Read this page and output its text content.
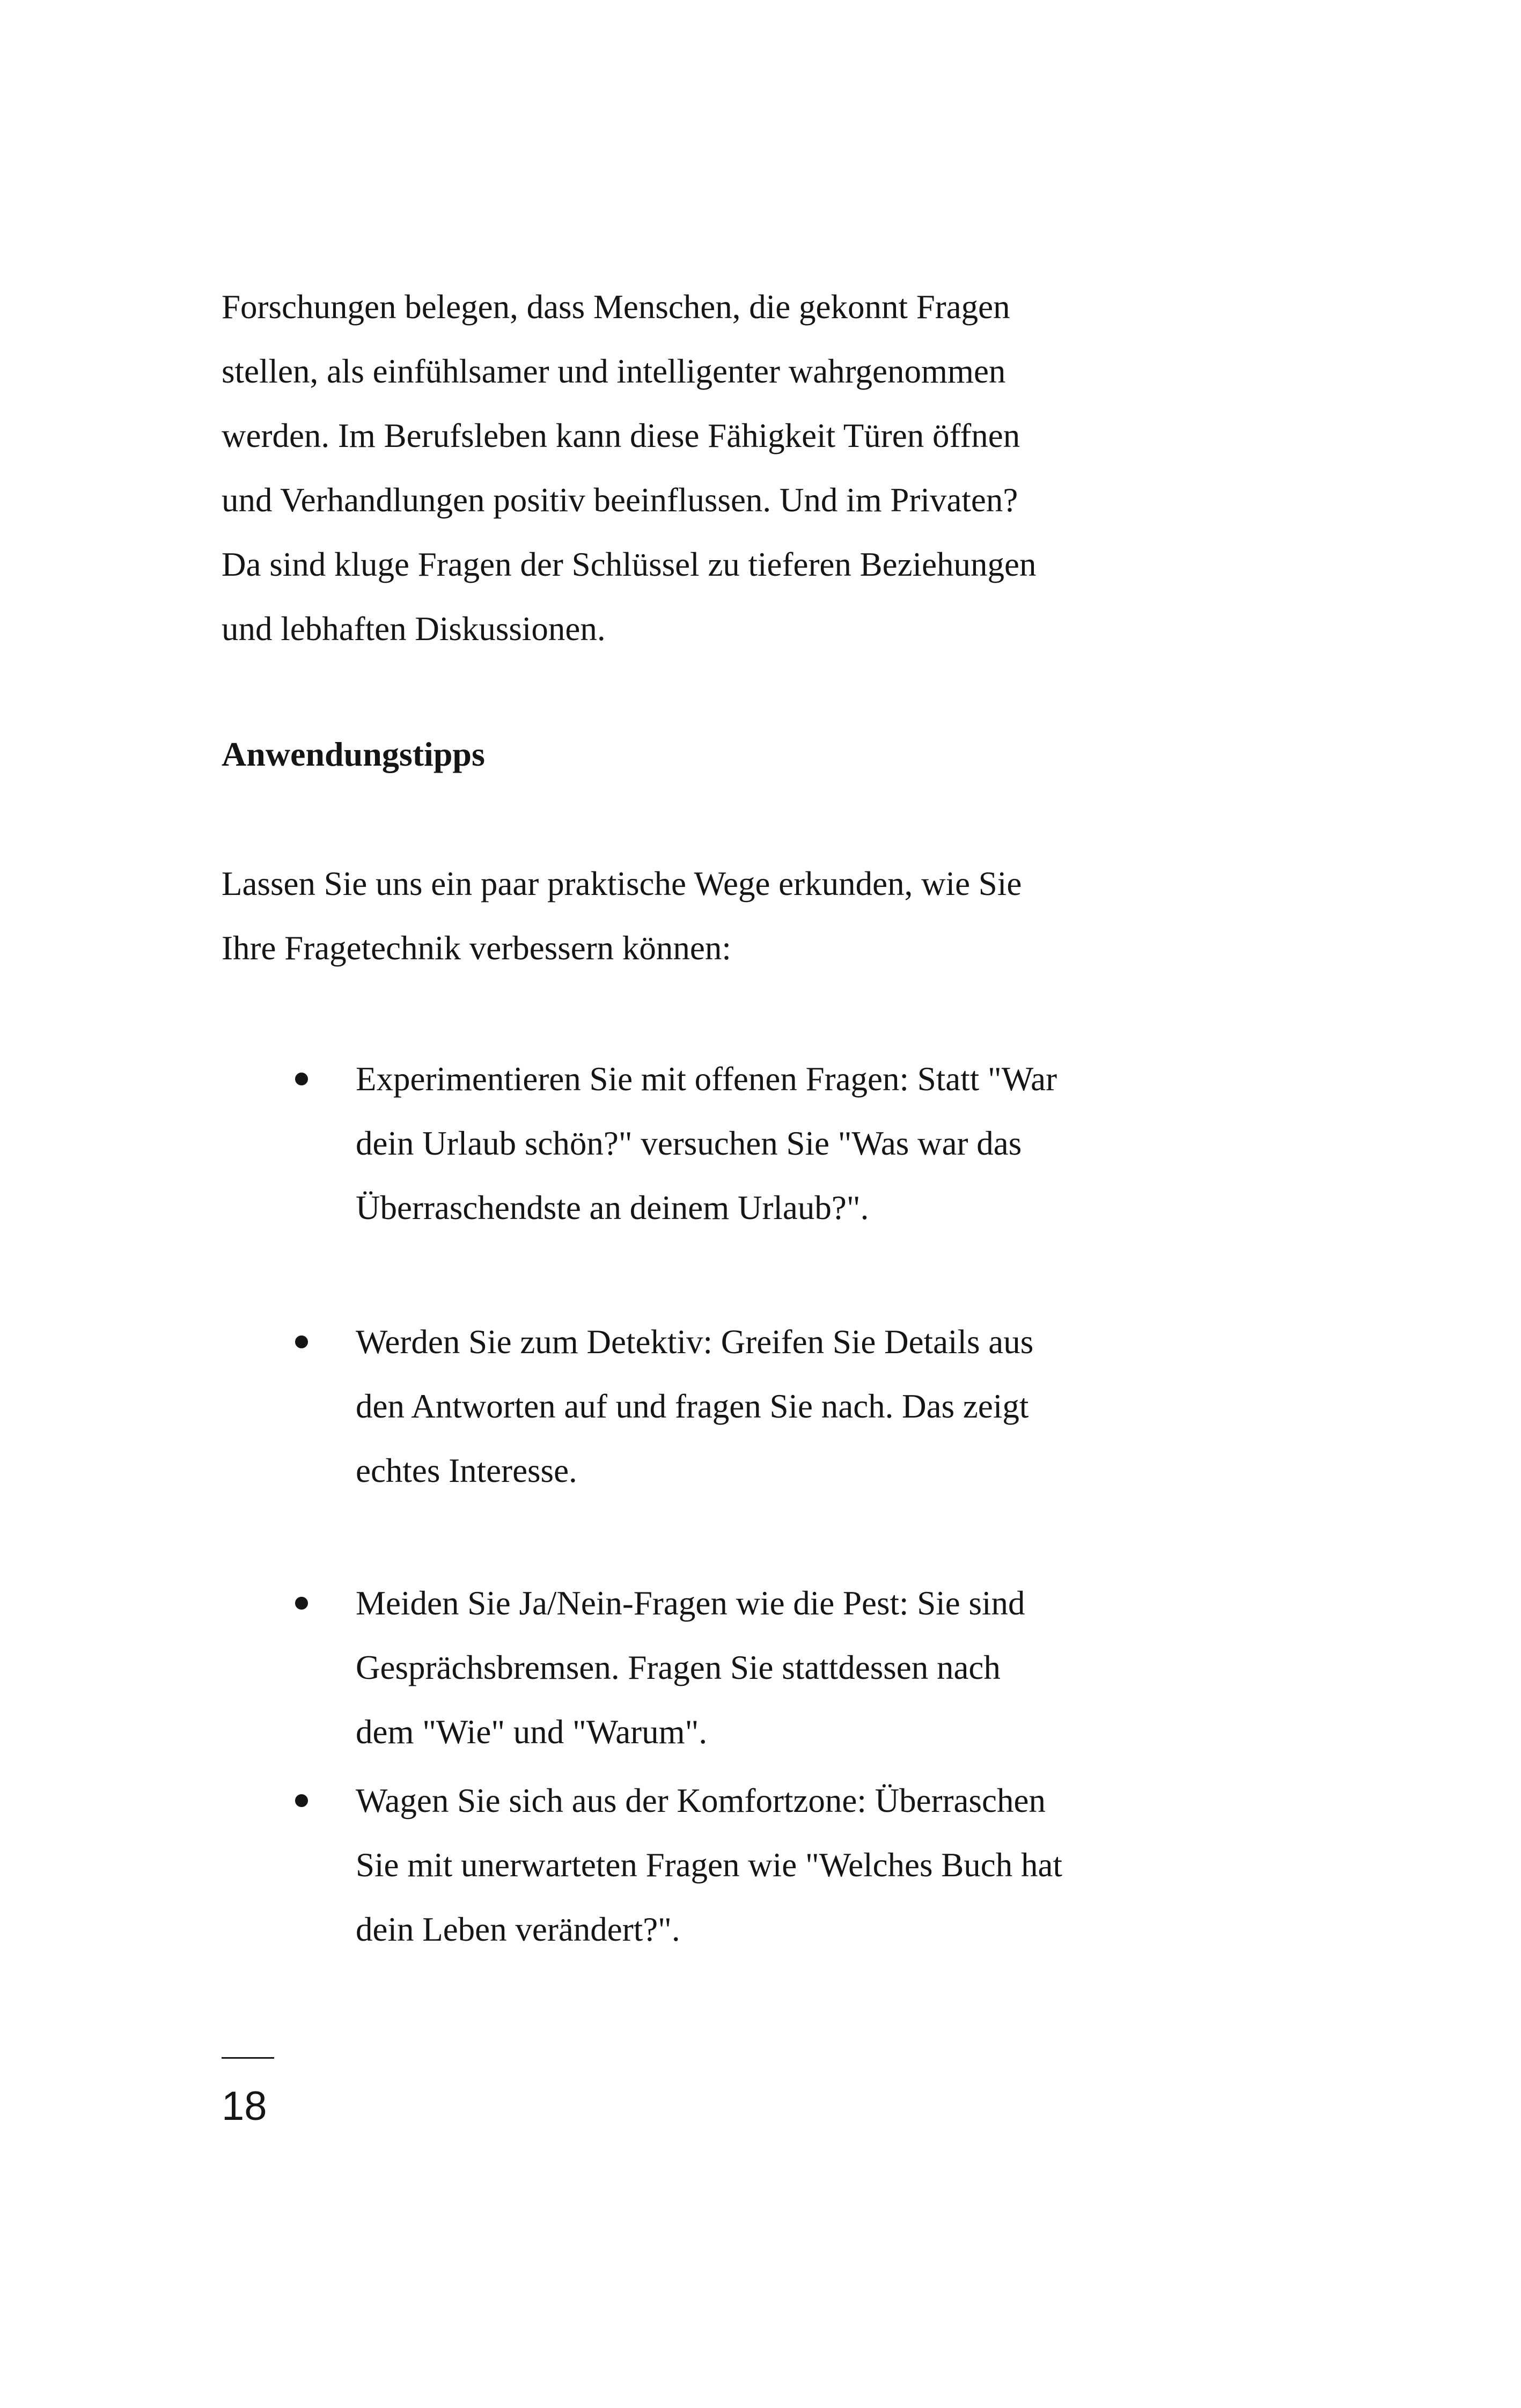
Forschungen belegen, dass Menschen, die gekonnt Fragen
stellen, als einfühlsamer und intelligenter wahrgenommen
werden. Im Berufsleben kann diese Fähigkeit Türen öffnen
und Verhandlungen positiv beeinflussen. Und im Privaten?
Da sind kluge Fragen der Schlüssel zu tieferen Beziehungen
und lebhaften Diskussionen.

Anwendungstipps

Lassen Sie uns ein paar praktische Wege erkunden, wie Sie
Ihre Fragetechnik verbessern können:

Experimentieren Sie mit offenen Fragen: Statt "War
dein Urlaub schön?" versuchen Sie "Was war das
Überraschendste an deinem Urlaub?".
Werden Sie zum Detektiv: Greifen Sie Details aus
den Antworten auf und fragen Sie nach. Das zeigt
echtes Interesse.
Meiden Sie Ja/Nein-Fragen wie die Pest: Sie sind
Gesprächsbremsen. Fragen Sie stattdessen nach
dem "Wie" und "Warum".
Wagen Sie sich aus der Komfortzone: Überraschen
Sie mit unerwarteten Fragen wie "Welches Buch hat
dein Leben verändert?".
18
